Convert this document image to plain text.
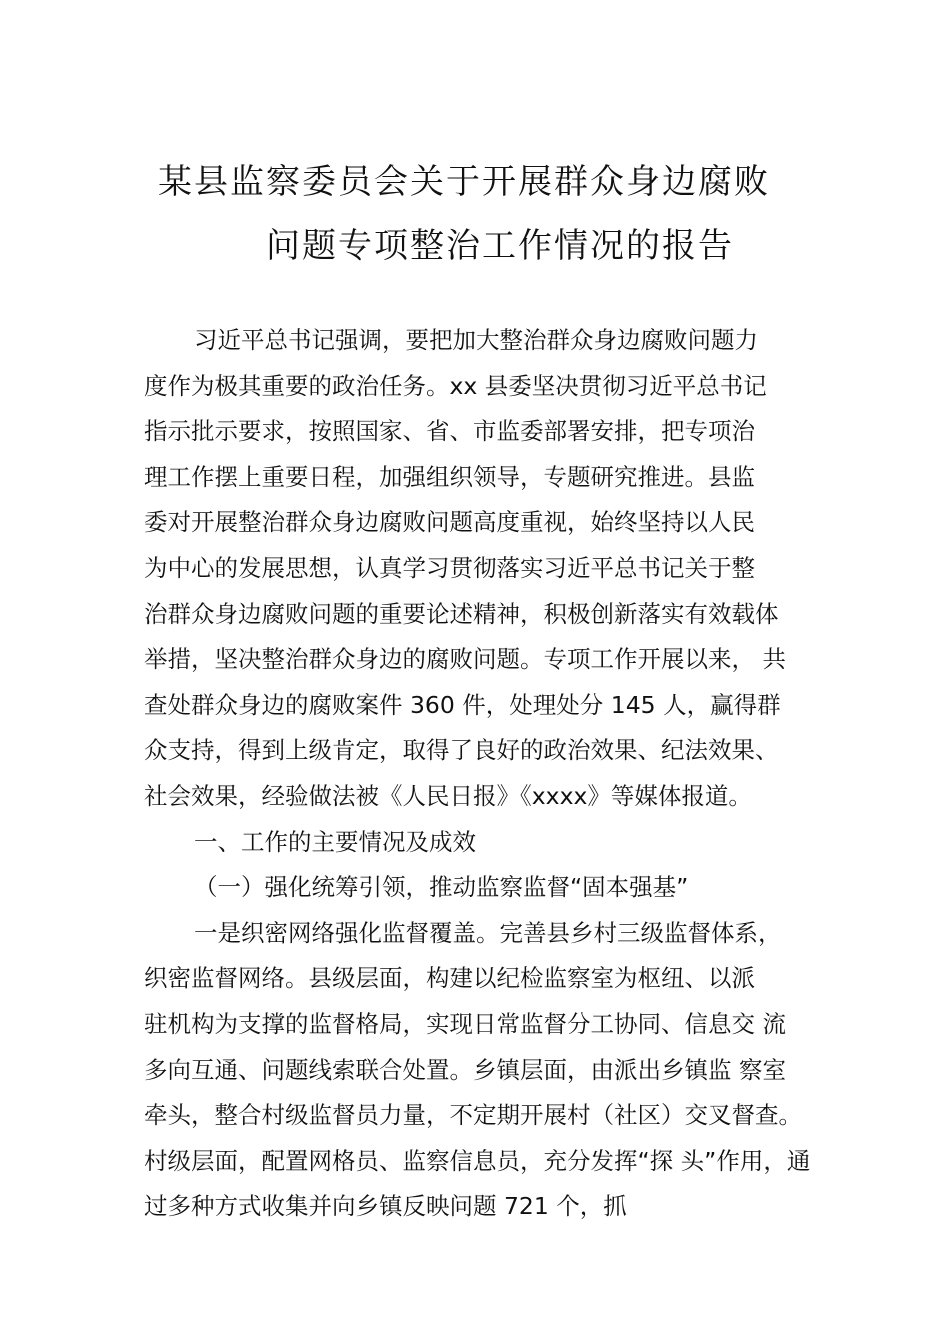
某县监察委员会关于开展群众身边腐败
问题专项整治工作情况的报告
习近平总书记强调，要把加大整治群众身边腐败问题力
度作为极其重要的政治任务。xx 县委坚决贯彻习近平总书记
指示批示要求，按照国家、省、市监委部署安排，把专项治
理工作摆上重要日程，加强组织领导，专题研究推进。县监
委对开展整治群众身边腐败问题高度重视，始终坚持以人民
为中心的发展思想，认真学习贯彻落实习近平总书记关于整
治群众身边腐败问题的重要论述精神，积极创新落实有效载体
举措，坚决整治群众身边的腐败问题。专项工作开展以来， 共
查处群众身边的腐败案件 360 件，处理处分 145 人，赢得群
众支持，得到上级肯定，取得了良好的政治效果、纪法效果、
社会效果，经验做法被《人民日报》《xxxx》等媒体报道。
一、工作的主要情况及成效
（一）强化统筹引领，推动监察监督“固本强基”
一是织密网络强化监督覆盖。完善县乡村三级监督体系，
织密监督网络。县级层面，构建以纪检监察室为枢纽、以派
驻机构为支撑的监督格局，实现日常监督分工协同、信息交 流
多向互通、问题线索联合处置。乡镇层面，由派出乡镇监 察室
牵头，整合村级监督员力量，不定期开展村（社区）交叉督查。
村级层面，配置网格员、监察信息员，充分发挥“探 头”作用，通
过多种方式收集并向乡镇反映问题 721 个，抓
